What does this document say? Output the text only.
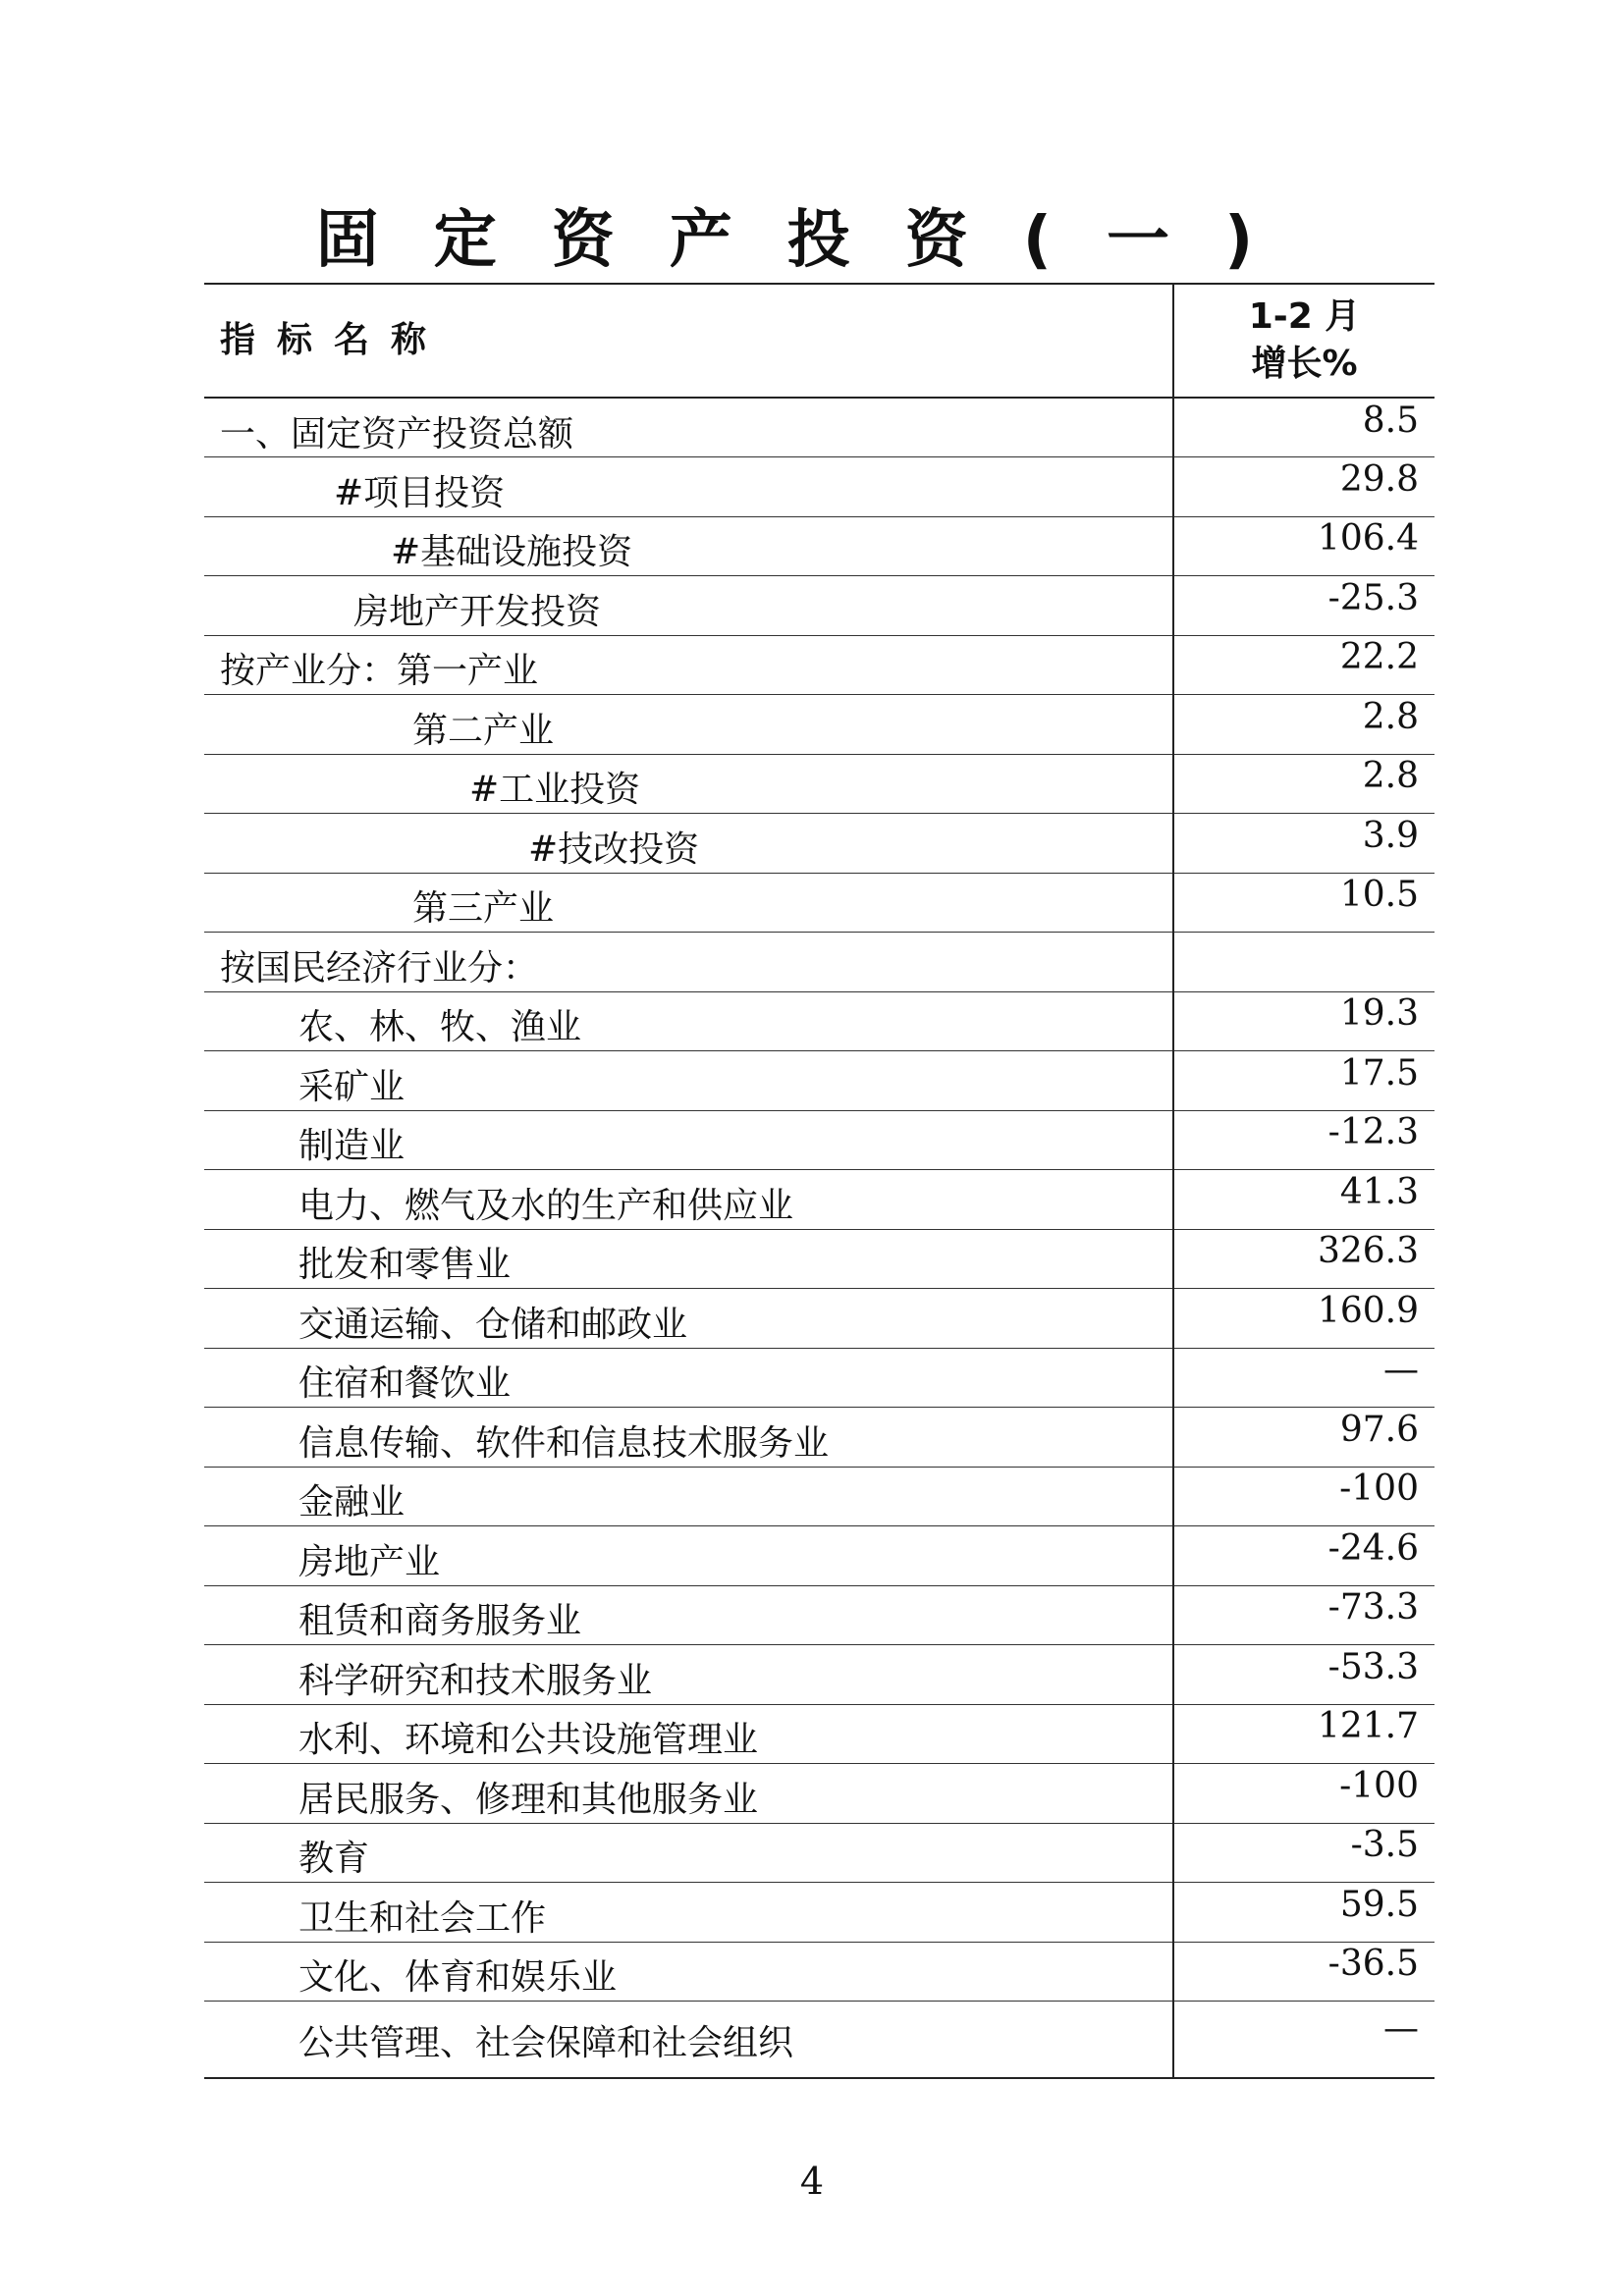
固定资产投资(一)
指标名称	1-2 月
增长%

一、固定资产投资总额	8.5
#项目投资	29.8
#基础设施投资	106.4
房地产开发投资	-25.3
按产业分：第一产业	22.2
第二产业	2.8
#工业投资	2.8
#技改投资	3.9
第三产业	10.5
按国民经济行业分：	
农、林、牧、渔业	19.3
采矿业	17.5
制造业	-12.3
电力、燃气及水的生产和供应业	41.3
批发和零售业	326.3
交通运输、仓储和邮政业	160.9
住宿和餐饮业	—
信息传输、软件和信息技术服务业	97.6
金融业	-100
房地产业	-24.6
租赁和商务服务业	-73.3
科学研究和技术服务业	-53.3
水利、环境和公共设施管理业	121.7
居民服务、修理和其他服务业	-100
教育	-3.5
卫生和社会工作	59.5
文化、体育和娱乐业	-36.5
公共管理、社会保障和社会组织	—
4
